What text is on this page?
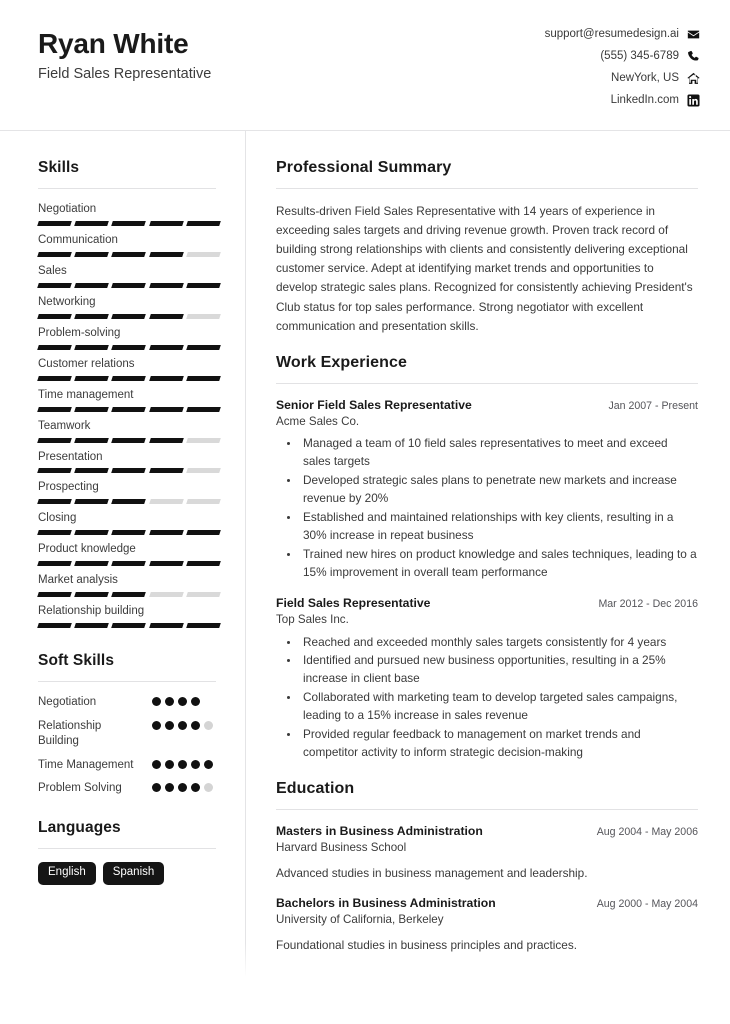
Ryan White
Field Sales Representative
support@resumedesign.ai
(555) 345-6789
NewYork, US
LinkedIn.com
Skills
Negotiation
Communication
Sales
Networking
Problem-solving
Customer relations
Time management
Teamwork
Presentation
Prospecting
Closing
Product knowledge
Market analysis
Relationship building
Soft Skills
Negotiation
Relationship Building
Time Management
Problem Solving
Languages
English	Spanish
Professional Summary

Results-driven Field Sales Representative with 14 years of experience in exceeding sales targets and driving revenue growth. Proven track record of building strong relationships with clients and consistently delivering exceptional customer service. Adept at identifying market trends and opportunities to develop strategic sales plans. Recognized for consistently achieving President's Club status for top sales performance. Strong negotiator with excellent communication and presentation skills.

Work Experience
Senior Field Sales Representative	Jan 2007 - Present
Acme Sales Co.
• Managed a team of 10 field sales representatives to meet and exceed sales targets
• Developed strategic sales plans to penetrate new markets and increase revenue by 20%
• Established and maintained relationships with key clients, resulting in a 30% increase in repeat business
• Trained new hires on product knowledge and sales techniques, leading to a 15% improvement in overall team performance
Field Sales Representative	Mar 2012 - Dec 2016
Top Sales Inc.
• Reached and exceeded monthly sales targets consistently for 4 years
• Identified and pursued new business opportunities, resulting in a 25% increase in client base
• Collaborated with marketing team to develop targeted sales campaigns, leading to a 15% increase in sales revenue
• Provided regular feedback to management on market trends and competitor activity to inform strategic decision-making
Education
Masters in Business Administration	Aug 2004 - May 2006
Harvard Business School
Advanced studies in business management and leadership.
Bachelors in Business Administration	Aug 2000 - May 2004
University of California, Berkeley
Foundational studies in business principles and practices.
